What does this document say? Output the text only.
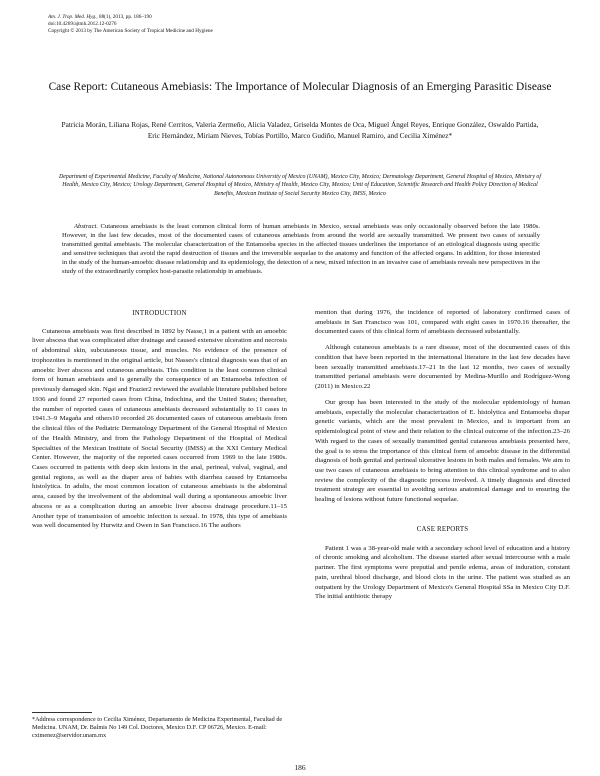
Am. J. Trop. Med. Hyg., 88(1), 2013, pp. 186–190
doi:10.4269/ajtmh.2012.12-0276
Copyright © 2013 by The American Society of Tropical Medicine and Hygiene
Case Report: Cutaneous Amebiasis: The Importance of Molecular Diagnosis of an Emerging Parasitic Disease
Patricia Morán, Liliana Rojas, René Cerritos, Valeria Zermeño, Alicia Valadez, Griselda Montes de Oca, Miguel Ángel Reyes, Enrique González, Oswaldo Partida, Eric Hernández, Miriam Nieves, Tobías Portillo, Marco Gudiño, Manuel Ramiro, and Cecilia Ximénez*
Department of Experimental Medicine, Faculty of Medicine, National Autonomous University of Mexico (UNAM), Mexico City, Mexico; Dermatology Department, General Hospital of Mexico, Ministry of Health, Mexico City, Mexico; Urology Department, General Hospital of Mexico, Ministry of Health, Mexico City, Mexico; Unit of Education, Scientific Research and Health Policy Direction of Medical Benefits, Mexican Institute of Social Security Mexico City, IMSS, Mexico
Abstract. Cutaneous amebiasis is the least common clinical form of human amebiasis in Mexico, sexual amebiasis was only occasionally observed before the late 1980s. However, in the last few decades, most of the documented cases of cutaneous amebiasis from around the world are sexually transmitted. We present two cases of sexually transmitted genital amebiasis. The molecular characterization of the Entamoeba species in the affected tissues underlines the importance of an etiological diagnosis using specific and sensitive techniques that avoid the rapid destruction of tissues and the irreversible sequelae to the anatomy and function of the affected organs. In addition, for those interested in the study of the human-amoebic disease relationship and its epidemiology, the detection of a new, mixed infection in an invasive case of amebiasis reveals new perspectives in the study of the extraordinarily complex host-parasite relationship in amebiasis.
INTRODUCTION

Cutaneous amebiasis was first described in 1892 by Nasse,1 in a patient with an amoebic liver abscess that was complicated after drainage and caused extensive ulceration and necrosis of abdominal skin, subcutaneous tissue, and muscles. No evidence of the presence of trophozoites is mentioned in the original article, but Nasses's clinical diagnosis was that of an amoebic liver abscess and cutaneous amebiasis. This condition is the least common clinical form of human amebiasis and is generally the consequence of an Entamoeba infection of previously damaged skin. Ngai and Frazier2 reviewed the available literature published before 1936 and found 27 reported cases from China, Indochina, and the United States; thereafter, the number of reported cases of cutaneous amebiasis decreased substantially to 11 cases in 1941.3–9 Magaña and others10 recorded 26 documented cases of cutaneous amebiasis from the clinical files of the Pediatric Dermatology Department of the General Hospital of Mexico of the Health Ministry, and from the Pathology Department of the Hospital of Medical Specialties of the Mexican Institute of Social Security (IMSS) at the XXI Century Medical Center. However, the majority of the reported cases occurred from 1969 to the late 1980s. Cases occurred in patients with deep skin lesions in the anal, perineal, vulval, vaginal, and genital regions, as well as the diaper area of babies with diarrhea caused by Entamoeba histolytica. In adults, the most common location of cutaneous amebiasis is the abdominal area, caused by the involvement of the abdominal wall during a spontaneous amoebic liver abscess or as a complication during an amoebic liver abscess drainage procedure.11–15 Another type of transmission of amoebic infection is sexual. In 1978, this type of amebiasis was well documented by Hurwitz and Owen in San Francisco.16 The authors

mention that during 1976, the incidence of reported of laboratory confirmed cases of amebiasis in San Francisco was 101, compared with eight cases in 1970.16 thereafter, the documented cases of this clinical form of amebiasis decreased substantially.

Although cutaneous amebiasis is a rare disease, most of the documented cases of this condition that have been reported in the international literature in the last few decades have been sexually transmitted amebiasis.17–21 In the last 12 months, two cases of sexually transmitted perianal amebiasis were documented by Medina-Murillo and Rodríguez-Wong (2011) in Mexico.22

Our group has been interested in the study of the molecular epidemiology of human amebiasis, especially the molecular characterization of E. histolytica and Entamoeba dispar genetic variants, which are the most prevalent in Mexico, and is important from an epidemiological point of view and their relation to the clinical outcome of the infection.23–26 With regard to the cases of sexually transmitted genital cutaneous amebiasis presented here, the goal is to stress the importance of this clinical form of amoebic disease in the differential diagnosis of both genital and perineal ulcerative lesions in both males and females. We aim to use two cases of cutaneous amebiasis to bring attention to this clinical syndrome and to also review the complexity of the diagnostic process involved. A timely diagnosis and directed treatment strategy are essential to avoiding serious anatomical damage and to ensuring the healing of lesions without future functional sequelae.

CASE REPORTS

Patient 1 was a 38-year-old male with a secondary school level of education and a history of chronic smoking and alcoholism. The disease started after sexual intercourse with a male partner. The first symptoms were preputial and penile edema, areas of induration, constant pain, urethral blood discharge, and blood clots in the urine. The patient was studied as an outpatient by the Urology Department of Mexico's General Hospital SSa in Mexico City D.F. The initial antibiotic therapy

*Address correspondence to Cecilia Ximénez, Departamento de Medicina Experimental, Facultad de Medicina. UNAM, Dr. Balmis No 149 Col. Doctores, Mexico D.F. CP 06726, Mexico. E-mail: cximenez@servidor.unam.mx
186
